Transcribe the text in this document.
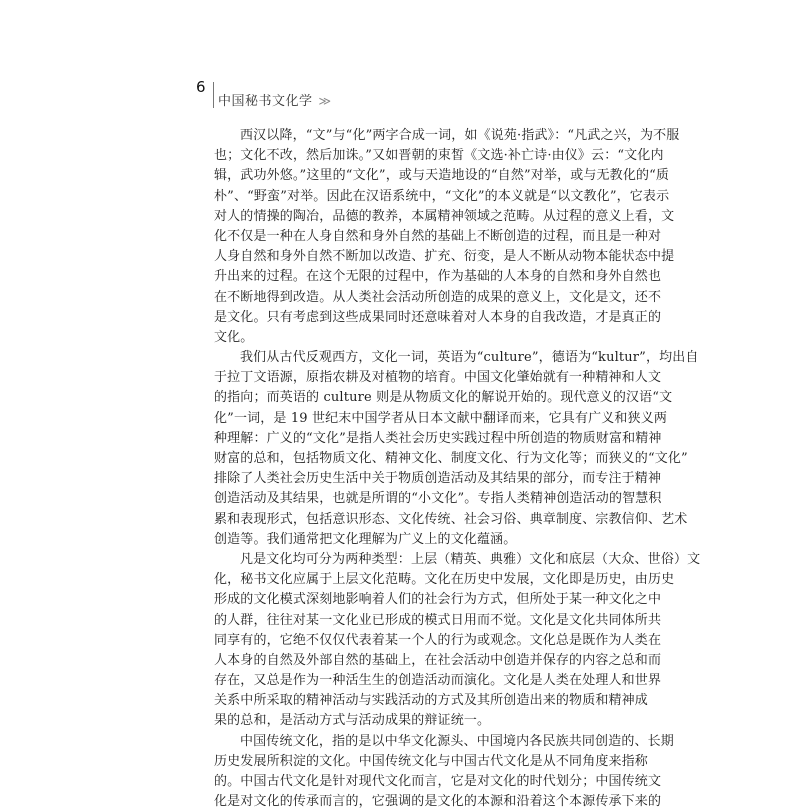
6
中国秘书文化学 ≫
西汉以降，“文”与“化”两字合成一词，如《说苑·指武》：“凡武之兴，为不服
也；文化不改，然后加诛。”又如晋朝的束皙《文选·补亡诗·由仪》云：“文化内
辑，武功外悠。”这里的“文化”，或与天造地设的“自然”对举，或与无教化的“质
朴”、“野蛮”对举。因此在汉语系统中，“文化”的本义就是“以文教化”，它表示
对人的情操的陶冶，品德的教养，本属精神领域之范畴。从过程的意义上看，文
化不仅是一种在人身自然和身外自然的基础上不断创造的过程，而且是一种对
人身自然和身外自然不断加以改造、扩充、衍变，是人不断从动物本能状态中提
升出来的过程。在这个无限的过程中，作为基础的人本身的自然和身外自然也
在不断地得到改造。从人类社会活动所创造的成果的意义上，文化是文，还不
是文化。只有考虑到这些成果同时还意味着对人本身的自我改造，才是真正的
文化。
我们从古代反观西方，文化一词，英语为“culture”，德语为“kultur”，均出自
于拉丁文语源，原指农耕及对植物的培育。中国文化肇始就有一种精神和人文
的指向；而英语的 culture 则是从物质文化的解说开始的。现代意义的汉语“文
化”一词，是 19 世纪末中国学者从日本文献中翻译而来，它具有广义和狭义两
种理解：广义的“文化”是指人类社会历史实践过程中所创造的物质财富和精神
财富的总和，包括物质文化、精神文化、制度文化、行为文化等；而狭义的“文化”
排除了人类社会历史生活中关于物质创造活动及其结果的部分，而专注于精神
创造活动及其结果，也就是所谓的“小文化”。专指人类精神创造活动的智慧积
累和表现形式，包括意识形态、文化传统、社会习俗、典章制度、宗教信仰、艺术
创造等。我们通常把文化理解为广义上的文化蕴涵。
凡是文化均可分为两种类型：上层（精英、典雅）文化和底层（大众、世俗）文
化，秘书文化应属于上层文化范畴。文化在历史中发展，文化即是历史，由历史
形成的文化模式深刻地影响着人们的社会行为方式，但所处于某一种文化之中
的人群，往往对某一文化业已形成的模式日用而不觉。文化是文化共同体所共
同享有的，它绝不仅仅代表着某一个人的行为或观念。文化总是既作为人类在
人本身的自然及外部自然的基础上，在社会活动中创造并保存的内容之总和而
存在，又总是作为一种活生生的创造活动而演化。文化是人类在处理人和世界
关系中所采取的精神活动与实践活动的方式及其所创造出来的物质和精神成
果的总和，是活动方式与活动成果的辩证统一。
中国传统文化，指的是以中华文化源头、中国境内各民族共同创造的、长期
历史发展所积淀的文化。中国传统文化与中国古代文化是从不同角度来指称
的。中国古代文化是针对现代文化而言，它是对文化的时代划分；中国传统文
化是对文化的传承而言的，它强调的是文化的本源和沿着这个本源传承下来的
